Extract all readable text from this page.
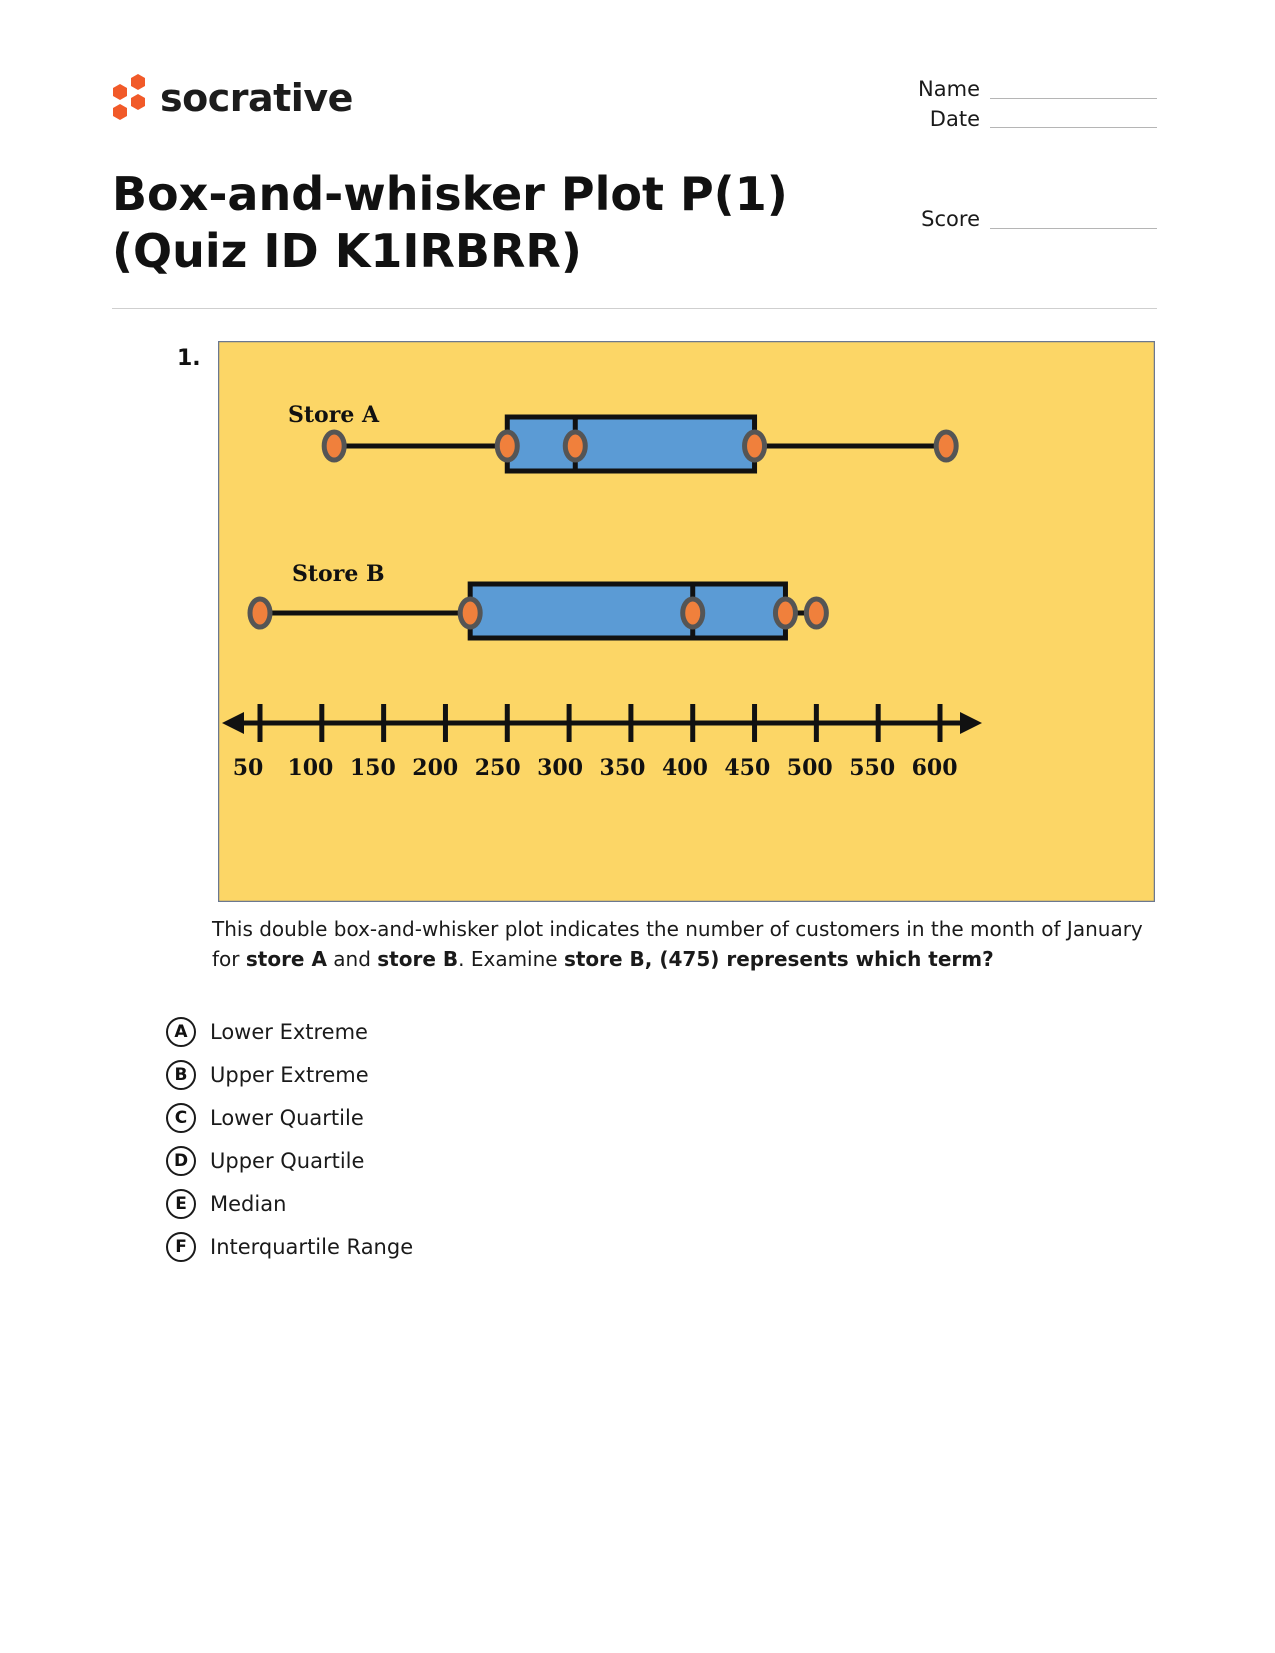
socrative	Name
Date
Score
Box-and-whisker Plot P(1) (Quiz ID K1IRBRR)
1.
Store A
Store B
50 100 150 200 250 300 350 400 450 500 550 600
This double box-and-whisker plot indicates the number of customers in the month of January for store A and store B. Examine store B, (475) represents which term?
A	Lower Extreme
B	Upper Extreme
C	Lower Quartile
D	Upper Quartile
E	Median
F	Interquartile Range
